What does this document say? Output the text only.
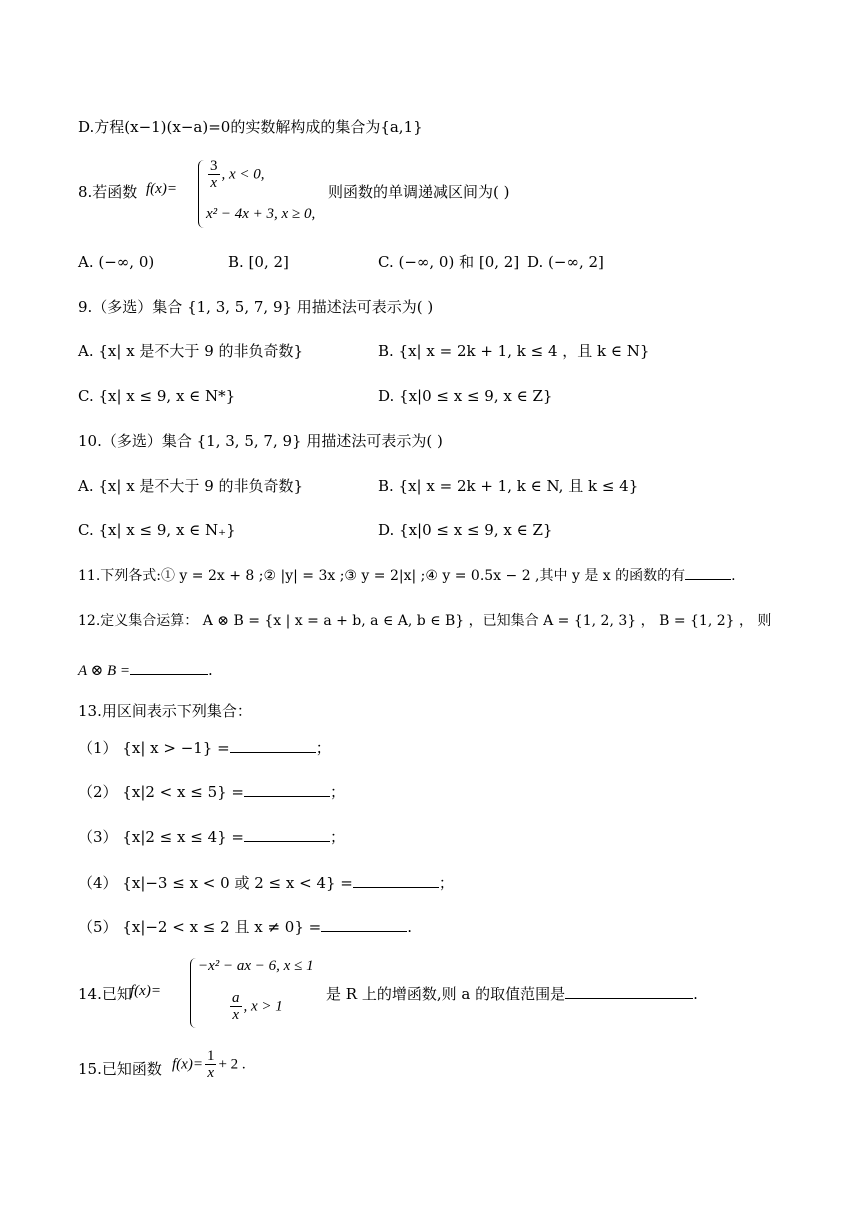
D.方程(x−1)(x−a)=0的实数解构成的集合为{a,1}
8.若函数 $f(x)= \frac{3}{x}$ , x < 0,
x² − 4x + 3, x ≥ 0,
则函数的单调递减区间为( )
A. (−∞, 0)	B. [0, 2]	C. (−∞, 0) 和 [0, 2] D. (−∞, 2]
9.（多选）集合 {1, 3, 5, 7, 9} 用描述法可表示为( )
A. {x| x 是不大于 9 的非负奇数}	B. {x| x = 2k + 1, k ≤ 4 ，且 k ∈ N}
C. {x| x ≤ 9, x ∈ N*}	D. {x|0 ≤ x ≤ 9, x ∈ Z}
10.（多选）集合 {1, 3, 5, 7, 9} 用描述法可表示为( )
A. {x| x 是不大于 9 的非负奇数}	B. {x| x = 2k + 1, k ∈ N, 且 k ≤ 4}
C. {x| x ≤ 9, x ∈ N₊}	D. {x|0 ≤ x ≤ 9, x ∈ Z}
11.下列各式:① y = 2x + 8 ;② |y| = 3x ;③ y = 2|x| ;④ y = 0.5x − 2 ,其中 y 是 x 的函数的有	.
12.定义集合运算： A ⊗ B = {x | x = a + b, a ∈ A, b ∈ B} ，已知集合 A = {1, 2, 3} ， B = {1, 2} ， 则
A ⊗ B =	.
13.用区间表示下列集合：
（1） {x| x > −1} =	；
（2） {x|2 < x ≤ 5} =	；
（3） {x|2 ≤ x ≤ 4} =	；
（4） {x|−3 ≤ x < 0 或 2 ≤ x < 4} =	；
（5） {x|−2 < x ≤ 2 且 x ≠ 0} =	.
14.已知
f(x)=
−x² − ax − 6, x ≤ 1
$\frac{a}{x}$ , x > 1
是 R 上的增函数,则 a 的取值范围是	.
15.已知函数 $f(x)= \frac{1}{x} + 2$ .
